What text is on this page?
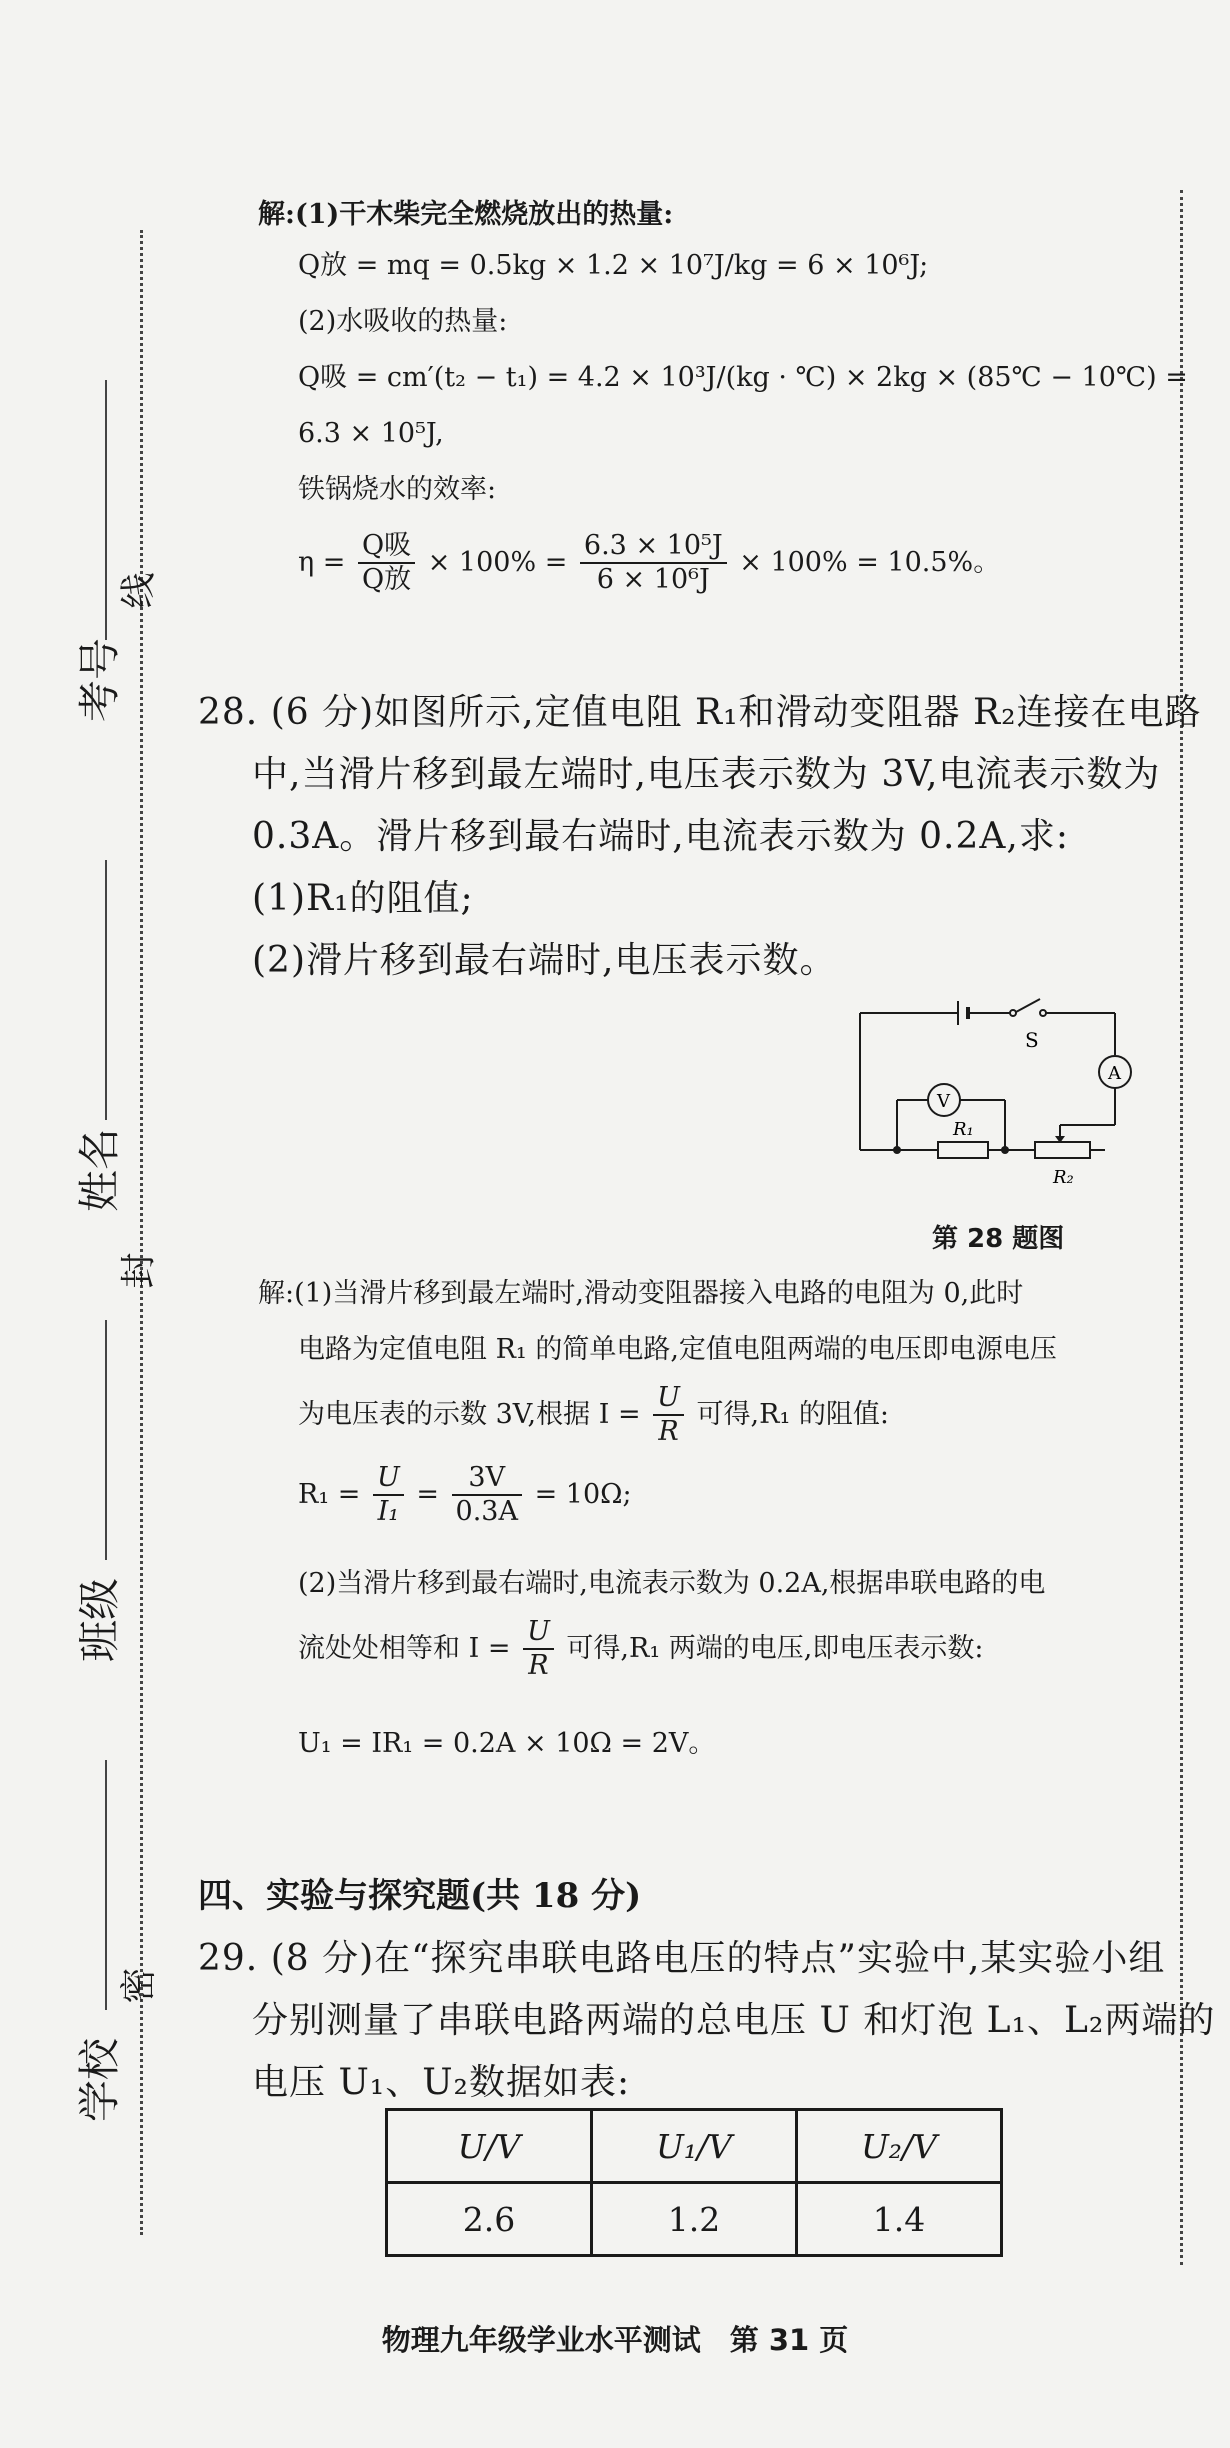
考号
线
姓名
封
班级
学校
密
解:(1)干木柴完全燃烧放出的热量:
Q放 = mq = 0.5kg × 1.2 × 10⁷J/kg = 6 × 10⁶J;
(2)水吸收的热量:
Q吸 = cm′(t₂ − t₁) = 4.2 × 10³J/(kg · ℃) × 2kg × (85℃ − 10℃) =
6.3 × 10⁵J,
铁锅烧水的效率:
$\eta = \frac{\text{Q吸}}{\text{Q放}} \times 100\% = \frac{\text{6.3 × 10⁵J}}{\text{6 × 10⁶J}} \times 100\% = 10.5\%$。
28. (6 分)如图所示,定值电阻 R₁和滑动变阻器 R₂连接在电路
中,当滑片移到最左端时,电压表示数为 3V,电流表示数为
0.3A。滑片移到最右端时,电流表示数为 0.2A,求:
(1)R₁的阻值;
(2)滑片移到最右端时,电压表示数。
S
A
V
R₁
R₂
第 28 题图
解:(1)当滑片移到最左端时,滑动变阻器接入电路的电阻为 0,此时
电路为定值电阻 R₁ 的简单电路,定值电阻两端的电压即电源电压
为电压表的示数 3V,根据 $I = \frac{U}{R}$ 可得,R₁ 的阻值:
$R_1 = \frac{U}{\text{I₁}} = \frac{3V}{0.3A} = 10\Omega$;
(2)当滑片移到最右端时,电流表示数为 0.2A,根据串联电路的电
流处处相等和 $I = \frac{U}{R}$ 可得,R₁ 两端的电压,即电压表示数:
U₁ = IR₁ = 0.2A × 10Ω = 2V。
四、实验与探究题(共 18 分)
29. (8 分)在“探究串联电路电压的特点”实验中,某实验小组
分别测量了串联电路两端的总电压 U 和灯泡 L₁、L₂两端的
电压 U₁、U₂数据如表:
U/V	U₁/V	U₂/V
2.6	1.2	1.4
物理九年级学业水平测试　第 31 页
